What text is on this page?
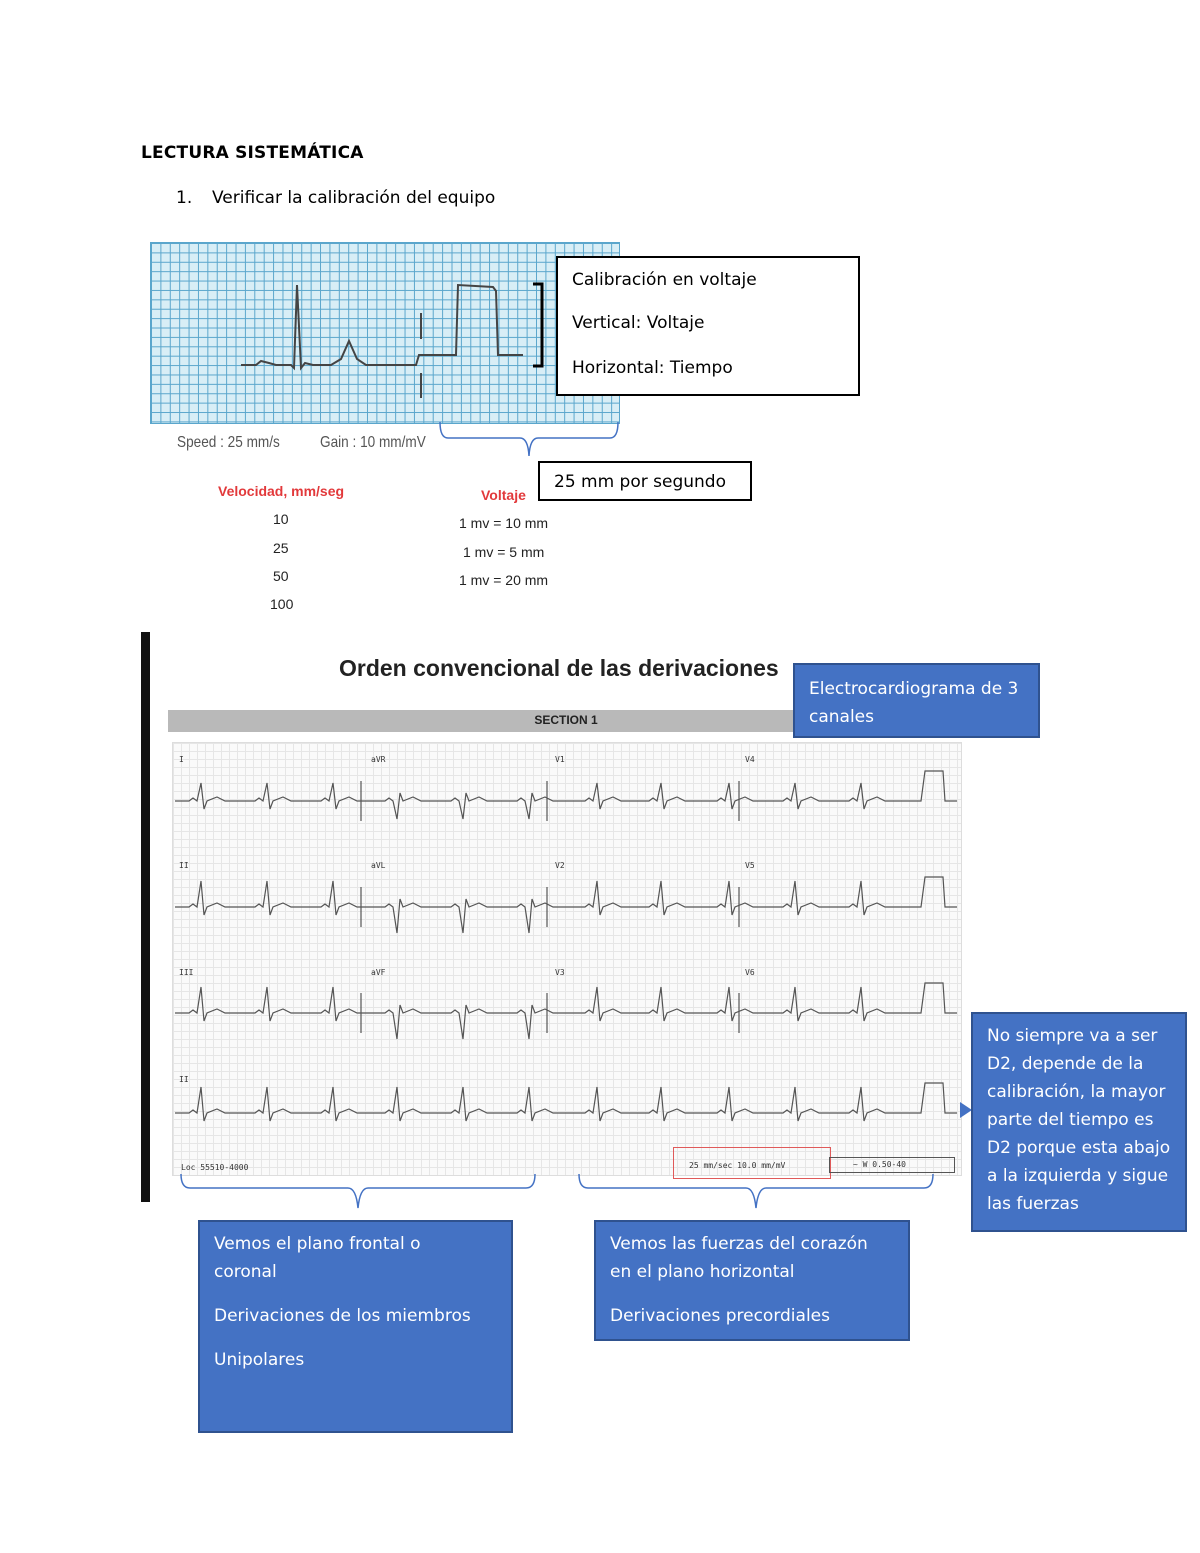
LECTURA SISTEMÁTICA
1. Verificar la calibración del equipo

Calibración en voltaje

Vertical: Voltaje

Horizontal: Tiempo

Speed : 25 mm/s	Gain : 10 mm/mV

25 mm por segundo

Velocidad, mm/seg
10
25
50
100
Voltaje
1 mv = 10 mm
1 mv = 5 mm
1 mv = 20 mm
Orden convencional de las derivaciones
SECTION 1
I	aVR	V1	V4
II	aVL	V2	V5
III	aVF	V3	V6
II
Loc 55510-4000	25 mm/sec 10.0 mm/mV	~ W 0.50-40

Electrocardiograma de 3 canales

No siempre va a ser D2, depende de la calibración, la mayor parte del tiempo es D2 porque esta abajo a la izquierda y sigue las fuerzas

Vemos el plano frontal o coronal

Derivaciones de los miembros

Unipolares

Vemos las fuerzas del corazón en el plano horizontal

Derivaciones precordiales
